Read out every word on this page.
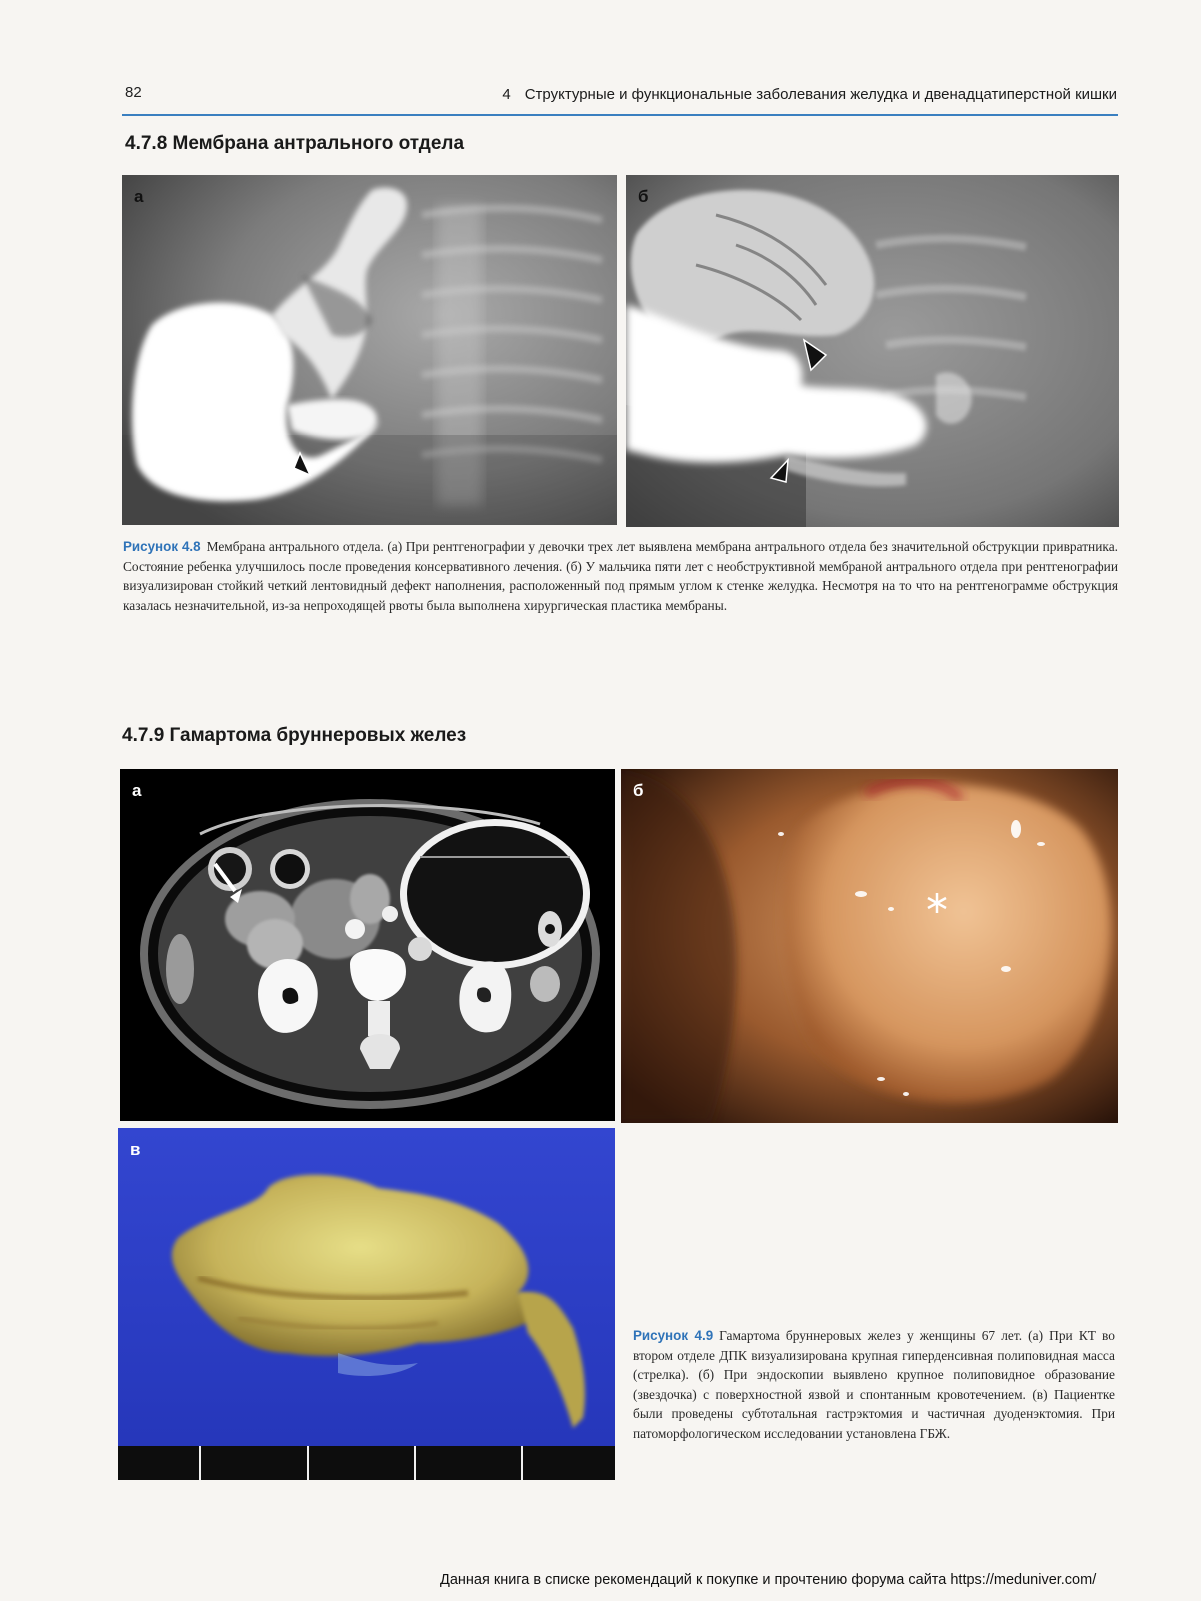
82	4 Структурные и функциональные заболевания желудка и двенадцатиперстной кишки
4.7.8 Мембрана антрального отдела
а	б
Рисунок 4.8 Мембрана антрального отдела. (а) При рентгенографии у девочки трех лет выявлена мембрана антрального отдела без значительной обструкции привратника. Состояние ребенка улучшилось после проведения консервативного лечения. (б) У мальчика пяти лет с необструктивной мембраной антрального отдела при рентгенографии визуализирован стойкий четкий лентовидный дефект наполнения, расположенный под прямым углом к стенке желудка. Несмотря на то что на рентгенограмме обструкция казалась незначительной, из-за непроходящей рвоты была выполнена хирургическая пластика мембраны.
4.7.9 Гамартома бруннеровых желез
а	б
в
Рисунок 4.9 Гамартома бруннеровых желез у женщины 67 лет. (а) При КТ во втором отделе ДПК визуализирована крупная гиперденсивная полиповидная масса (стрелка). (б) При эндоскопии выявлено крупное полиповидное образование (звездочка) с поверхностной язвой и спонтанным кровотечением. (в) Пациентке были проведены субтотальная гастрэктомия и частичная дуоденэктомия. При патоморфологическом исследовании установлена ГБЖ.
Данная книга в списке рекомендаций к покупке и прочтению форума сайта https://meduniver.com/
